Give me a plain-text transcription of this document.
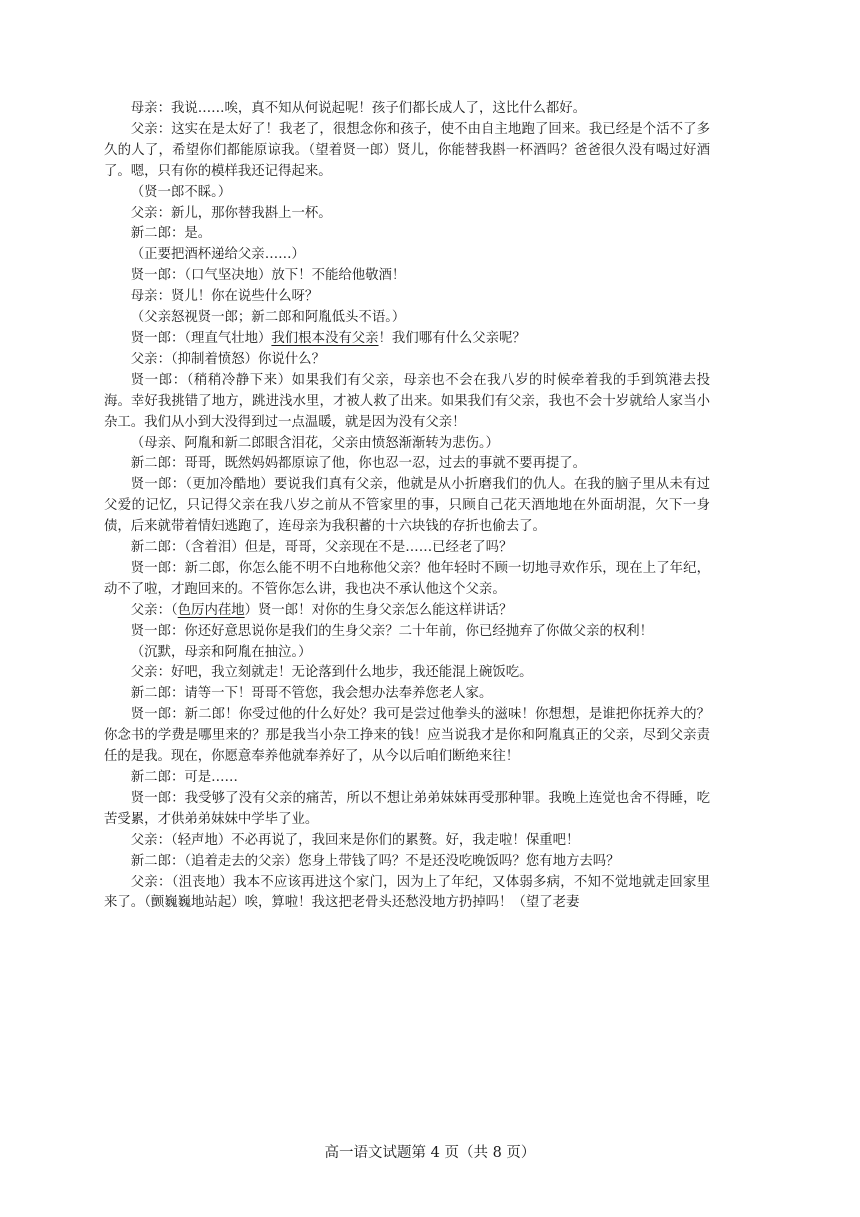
母亲：我说……唉，真不知从何说起呢！孩子们都长成人了，这比什么都好。

父亲：这实在是太好了！我老了，很想念你和孩子，使不由自主地跑了回来。我已经是个活不了多久的人了，希望你们都能原谅我。（望着贤一郎）贤儿，你能替我斟一杯酒吗？爸爸很久没有喝过好酒了。嗯，只有你的模样我还记得起来。

（贤一郎不睬。）

父亲：新儿，那你替我斟上一杯。

新二郎：是。

（正要把酒杯递给父亲……）

贤一郎：（口气坚决地）放下！不能给他敬酒！

母亲：贤儿！你在说些什么呀？

（父亲怒视贤一郎；新二郎和阿胤低头不语。）

贤一郎：（理直气壮地）我们根本没有父亲！我们哪有什么父亲呢？

父亲：（抑制着愤怒）你说什么？

贤一郎：（稍稍冷静下来）如果我们有父亲，母亲也不会在我八岁的时候牵着我的手到筑港去投海。幸好我挑错了地方，跳进浅水里，才被人救了出来。如果我们有父亲，我也不会十岁就给人家当小杂工。我们从小到大没得到过一点温暖，就是因为没有父亲！

（母亲、阿胤和新二郎眼含泪花，父亲由愤怒渐渐转为悲伤。）

新二郎：哥哥，既然妈妈都原谅了他，你也忍一忍，过去的事就不要再提了。

贤一郎：（更加冷酷地）要说我们真有父亲，他就是从小折磨我们的仇人。在我的脑子里从未有过父爱的记忆，只记得父亲在我八岁之前从不管家里的事，只顾自己花天酒地地在外面胡混，欠下一身债，后来就带着情妇逃跑了，连母亲为我积蓄的十六块钱的存折也偷去了。

新二郎：（含着泪）但是，哥哥，父亲现在不是……已经老了吗？

贤一郎：新二郎，你怎么能不明不白地称他父亲？他年轻时不顾一切地寻欢作乐，现在上了年纪，动不了啦，才跑回来的。不管你怎么讲，我也决不承认他这个父亲。

父亲：（色厉内荏地）贤一郎！对你的生身父亲怎么能这样讲话？

贤一郎：你还好意思说你是我们的生身父亲？二十年前，你已经抛弃了你做父亲的权利！

（沉默，母亲和阿胤在抽泣。）

父亲：好吧，我立刻就走！无论落到什么地步，我还能混上碗饭吃。

新二郎：请等一下！哥哥不管您，我会想办法奉养您老人家。

贤一郎：新二郎！你受过他的什么好处？我可是尝过他拳头的滋味！你想想，是谁把你抚养大的？你念书的学费是哪里来的？那是我当小杂工挣来的钱！应当说我才是你和阿胤真正的父亲，尽到父亲责任的是我。现在，你愿意奉养他就奉养好了，从今以后咱们断绝来往！

新二郎：可是……

贤一郎：我受够了没有父亲的痛苦，所以不想让弟弟妹妹再受那种罪。我晚上连觉也舍不得睡，吃苦受累，才供弟弟妹妹中学毕了业。

父亲：（轻声地）不必再说了，我回来是你们的累赘。好，我走啦！保重吧！

新二郎：（追着走去的父亲）您身上带钱了吗？不是还没吃晚饭吗？您有地方去吗？

父亲：（沮丧地）我本不应该再进这个家门，因为上了年纪，又体弱多病，不知不觉地就走回家里来了。（颤巍巍地站起）唉，算啦！我这把老骨头还愁没地方扔掉吗！（望了老妻

高一语文试题第 4 页（共 8 页）
